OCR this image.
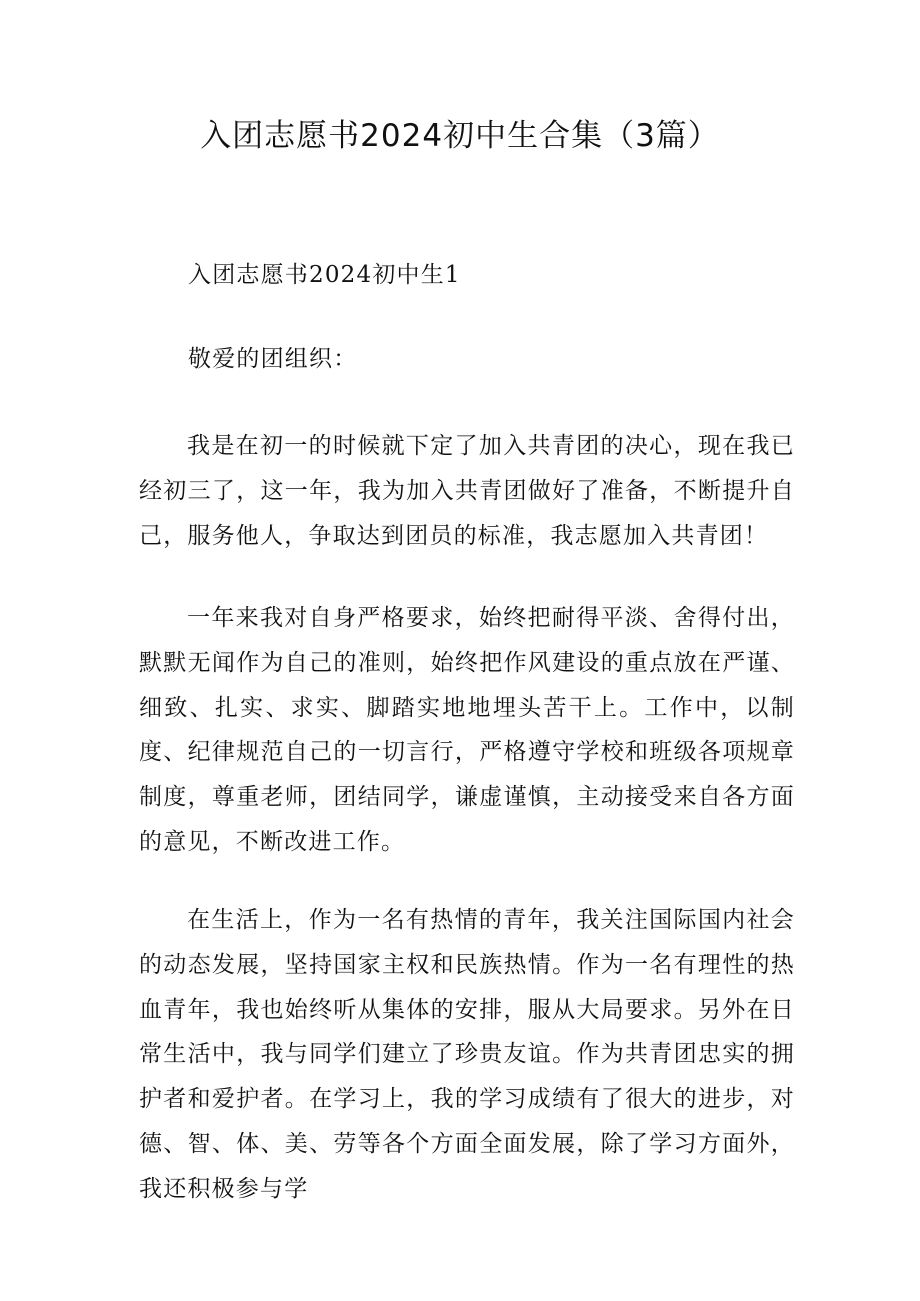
入团志愿书2024初中生合集（3篇）

入团志愿书2024初中生1

敬爱的团组织：

我是在初一的时候就下定了加入共青团的决心，现在我已经初三了，这一年，我为加入共青团做好了准备，不断提升自己，服务他人，争取达到团员的标准，我志愿加入共青团！

一年来我对自身严格要求，始终把耐得平淡、舍得付出，默默无闻作为自己的准则，始终把作风建设的重点放在严谨、细致、扎实、求实、脚踏实地地埋头苦干上。工作中，以制度、纪律规范自己的一切言行，严格遵守学校和班级各项规章制度，尊重老师，团结同学，谦虚谨慎，主动接受来自各方面的意见，不断改进工作。

在生活上，作为一名有热情的青年，我关注国际国内社会的动态发展，坚持国家主权和民族热情。作为一名有理性的热血青年，我也始终听从集体的安排，服从大局要求。另外在日常生活中，我与同学们建立了珍贵友谊。作为共青团忠实的拥护者和爱护者。在学习上，我的学习成绩有了很大的进步，对德、智、体、美、劳等各个方面全面发展，除了学习方面外，我还积极参与学
